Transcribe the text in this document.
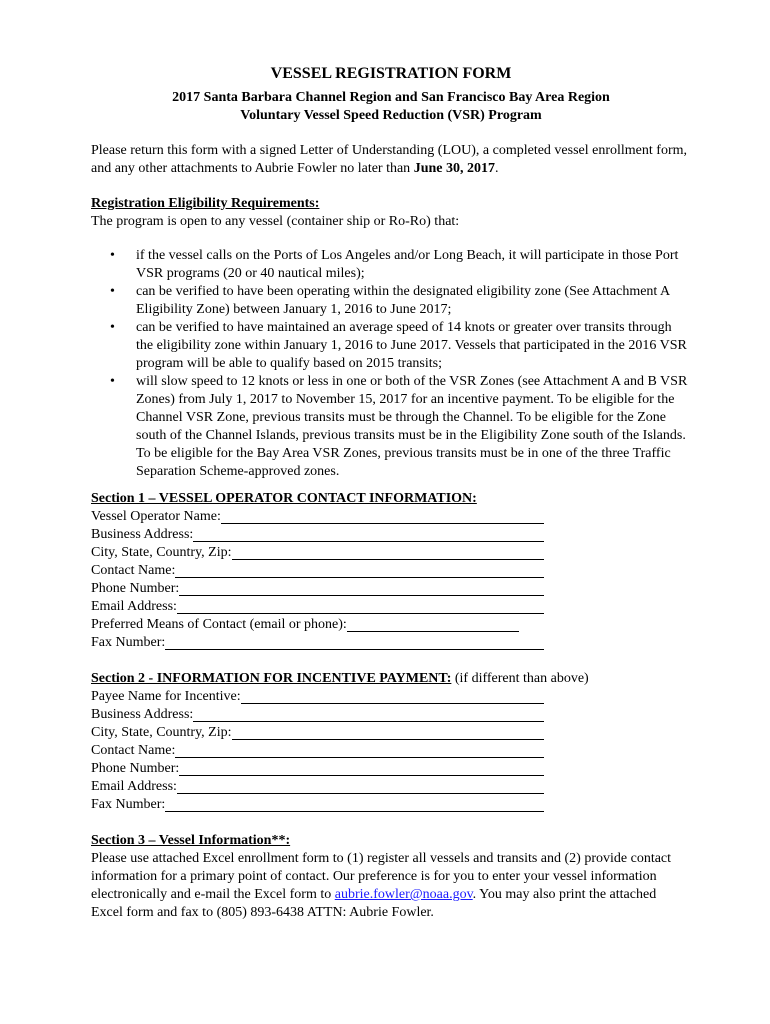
VESSEL REGISTRATION FORM

2017 Santa Barbara Channel Region and San Francisco Bay Area Region
Voluntary Vessel Speed Reduction (VSR) Program

Please return this form with a signed Letter of Understanding (LOU), a completed vessel enrollment form, and any other attachments to Aubrie Fowler no later than June 30, 2017.
Registration Eligibility Requirements:
The program is open to any vessel (container ship or Ro-Ro) that:
• if the vessel calls on the Ports of Los Angeles and/or Long Beach, it will participate in those Port VSR programs (20 or 40 nautical miles);
• can be verified to have been operating within the designated eligibility zone (See Attachment A Eligibility Zone) between January 1, 2016 to June 2017;
• can be verified to have maintained an average speed of 14 knots or greater over transits through the eligibility zone within January 1, 2016 to June 2017. Vessels that participated in the 2016 VSR program will be able to qualify based on 2015 transits;
• will slow speed to 12 knots or less in one or both of the VSR Zones (see Attachment A and B VSR Zones) from July 1, 2017 to November 15, 2017 for an incentive payment. To be eligible for the Channel VSR Zone, previous transits must be through the Channel. To be eligible for the Zone south of the Channel Islands, previous transits must be in the Eligibility Zone south of the Islands. To be eligible for the Bay Area VSR Zones, previous transits must be in one of the three Traffic Separation Scheme-approved zones.
Section 1 – VESSEL OPERATOR CONTACT INFORMATION:
Vessel Operator Name:
Business Address:
City, State, Country, Zip:
Contact Name:
Phone Number:
Email Address:
Preferred Means of Contact (email or phone):
Fax Number:
Section 2 - INFORMATION FOR INCENTIVE PAYMENT: (if different than above)
Payee Name for Incentive:
Business Address:
City, State, Country, Zip:
Contact Name:
Phone Number:
Email Address:
Fax Number:
Section 3 – Vessel Information**:
Please use attached Excel enrollment form to (1) register all vessels and transits and (2) provide contact information for a primary point of contact. Our preference is for you to enter your vessel information electronically and e-mail the Excel form to aubrie.fowler@noaa.gov. You may also print the attached Excel form and fax to (805) 893-6438 ATTN: Aubrie Fowler.
